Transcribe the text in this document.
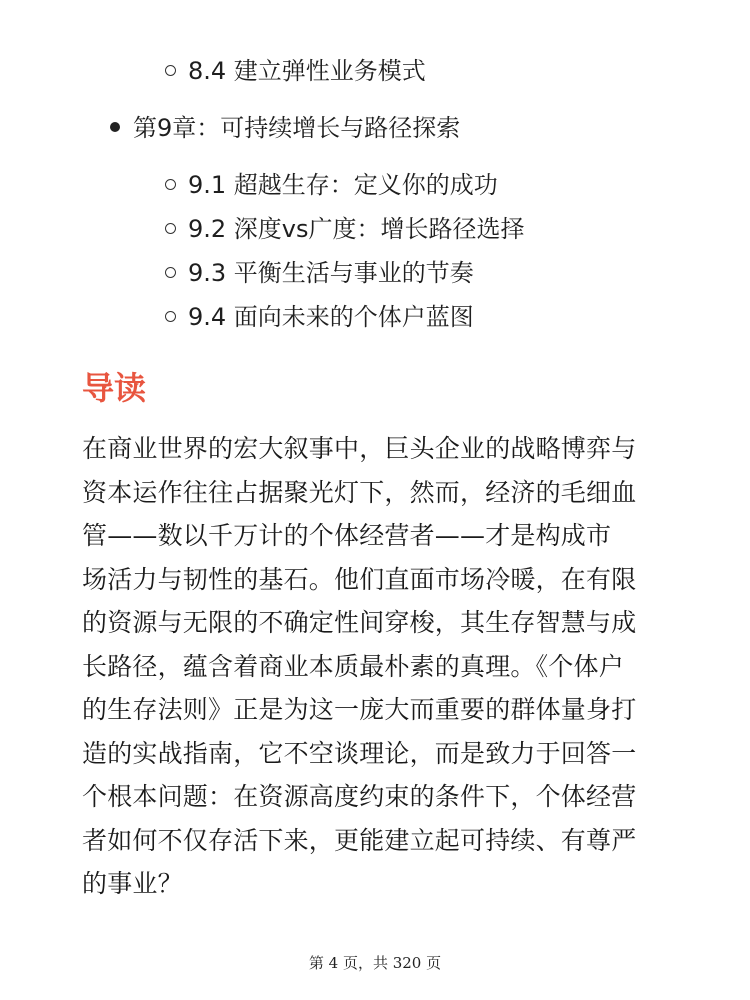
8.4 建立弹性业务模式
第9章：可持续增长与路径探索
9.1 超越生存：定义你的成功
9.2 深度vs广度：增长路径选择
9.3 平衡生活与事业的节奏
9.4 面向未来的个体户蓝图
导读
在商业世界的宏大叙事中，巨头企业的战略博弈与
资本运作往往占据聚光灯下，然而，经济的毛细血
管——数以千万计的个体经营者——才是构成市
场活力与韧性的基石。他们直面市场冷暖，在有限
的资源与无限的不确定性间穿梭，其生存智慧与成
长路径，蕴含着商业本质最朴素的真理。《个体户
的生存法则》正是为这一庞大而重要的群体量身打
造的实战指南，它不空谈理论，而是致力于回答一
个根本问题：在资源高度约束的条件下，个体经营
者如何不仅存活下来，更能建立起可持续、有尊严
的事业？
第 4 页，共 320 页
